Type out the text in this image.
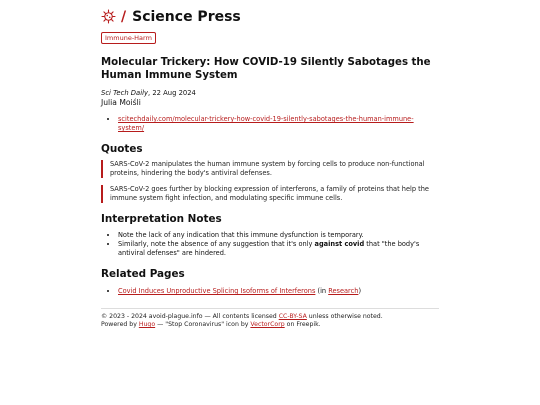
/ Science Press
Immune-Harm
Molecular Trickery: How COVID-19 Silently Sabotages the Human Immune System
Sci Tech Daily, 22 Aug 2024
Julia Moiśli
• scitechdaily.com/molecular-trickery-how-covid-19-silently-sabotages-the-human-immune-system/
Quotes
SARS-CoV-2 manipulates the human immune system by forcing cells to produce non-functional proteins, hindering the body's antiviral defenses.
SARS-CoV-2 goes further by blocking expression of interferons, a family of proteins that help the immune system fight infection, and modulating specific immune cells.
Interpretation Notes
• Note the lack of any indication that this immune dysfunction is temporary.
• Similarly, note the absence of any suggestion that it's only against covid that "the body's antiviral defenses" are hindered.
Related Pages
• Covid Induces Unproductive Splicing Isoforms of Interferons (in Research)
© 2023 - 2024 avoid-plague.info — All contents licensed CC-BY-SA unless otherwise noted.
Powered by Hugo — "Stop Coronavirus" icon by VectorCorp on Freepik.
